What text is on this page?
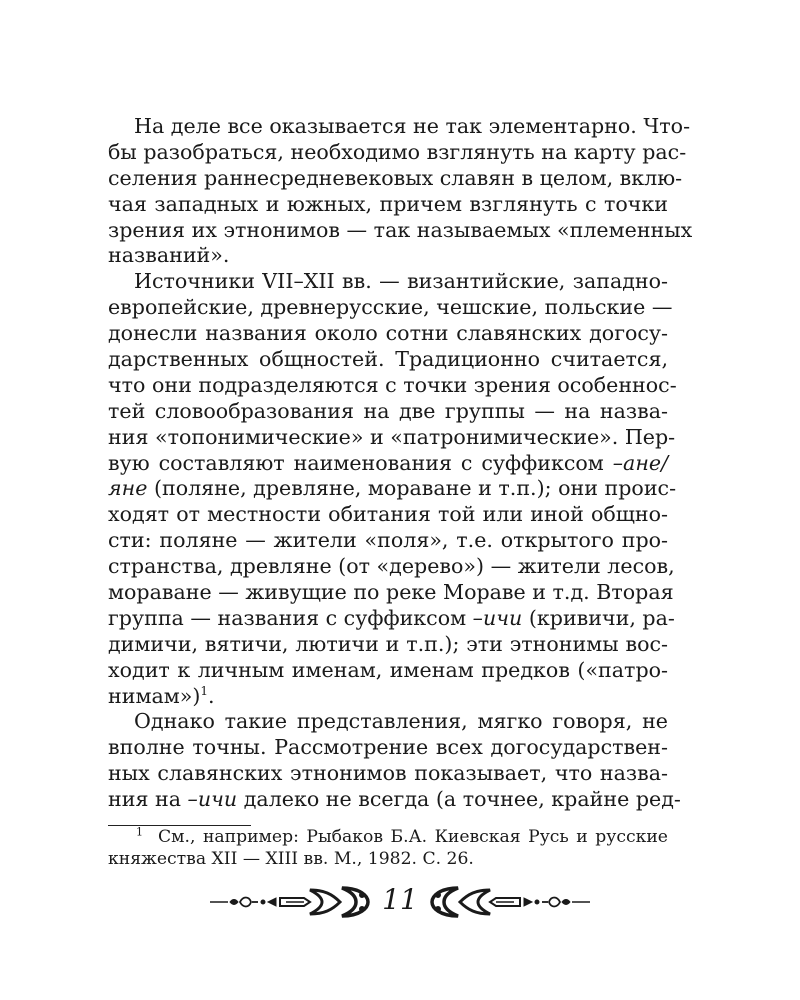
На деле все оказывается не так элементарно. Что-
бы разобраться, необходимо взглянуть на карту рас-
селения раннесредневековых славян в целом, вклю-
чая западных и южных, причем взглянуть с точки
зрения их этнонимов — так называемых «племенных
названий».
Источники VII–XII вв. — византийские, западно-
европейские, древнерусские, чешские, польские —
донесли названия около сотни славянских догосу-
дарственных общностей. Традиционно считается,
что они подразделяются с точки зрения особеннос-
тей словообразования на две группы — на назва-
ния «топонимические» и «патронимические». Пер-
вую составляют наименования с суффиксом –ане/
яне (поляне, древляне, мораване и т.п.); они проис-
ходят от местности обитания той или иной общно-
сти: поляне — жители «поля», т.е. открытого про-
странства, древляне (от «дерево») — жители лесов,
мораване — живущие по реке Мораве и т.д. Вторая
группа — названия с суффиксом –ичи (кривичи, ра-
димичи, вятичи, лютичи и т.п.); эти этнонимы вос-
ходит к личным именам, именам предков («патро-
нимам»)$^1$.
Однако такие представления, мягко говоря, не
вполне точны. Рассмотрение всех догосударствен-
ных славянских этнонимов показывает, что назва-
ния на –ичи далеко не всегда (а точнее, крайне ред-
$^1$ См., например: Рыбаков Б.А. Киевская Русь и русские
княжества XII — XIII вв. М., 1982. С. 26.
11
